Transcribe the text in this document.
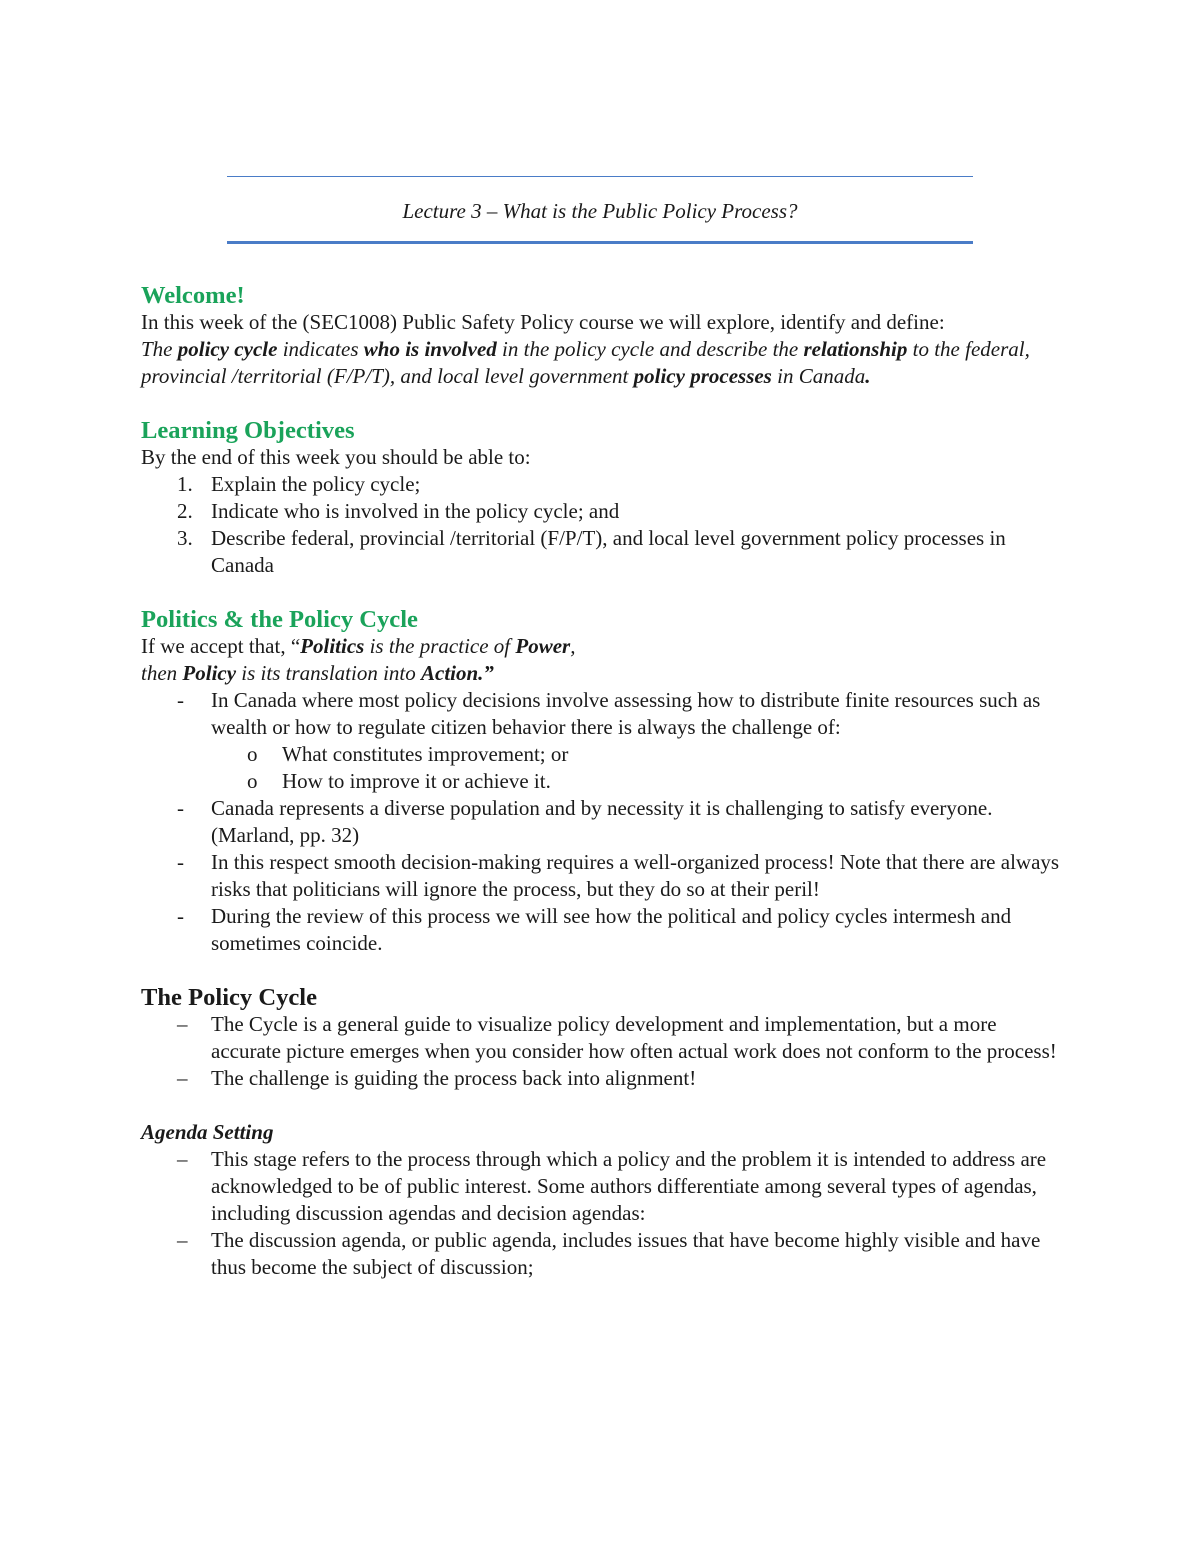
Lecture 3 – What is the Public Policy Process?
Welcome!

In this week of the (SEC1008) Public Safety Policy course we will explore, identify and define:

The policy cycle indicates who is involved in the policy cycle and describe the relationship to the federal, provincial /territorial (F/P/T), and local level government policy processes in Canada.

Learning Objectives

By the end of this week you should be able to:

1. Explain the policy cycle;
2. Indicate who is involved in the policy cycle; and
3. Describe federal, provincial /territorial (F/P/T), and local level government policy processes in Canada
Politics & the Policy Cycle

If we accept that, “Politics is the practice of Power,

then Policy is its translation into Action.”

- In Canada where most policy decisions involve assessing how to distribute finite resources such as wealth or how to regulate citizen behavior there is always the challenge of:
o What constitutes improvement; or
o How to improve it or achieve it.
- Canada represents a diverse population and by necessity it is challenging to satisfy everyone. (Marland, pp. 32)
- In this respect smooth decision-making requires a well-organized process! Note that there are always risks that politicians will ignore the process, but they do so at their peril!
- During the review of this process we will see how the political and policy cycles intermesh and sometimes coincide.
The Policy Cycle
– The Cycle is a general guide to visualize policy development and implementation, but a more accurate picture emerges when you consider how often actual work does not conform to the process!
– The challenge is guiding the process back into alignment!
Agenda Setting
– This stage refers to the process through which a policy and the problem it is intended to address are acknowledged to be of public interest. Some authors differentiate among several types of agendas, including discussion agendas and decision agendas:
– The discussion agenda, or public agenda, includes issues that have become highly visible and have thus become the subject of discussion;
